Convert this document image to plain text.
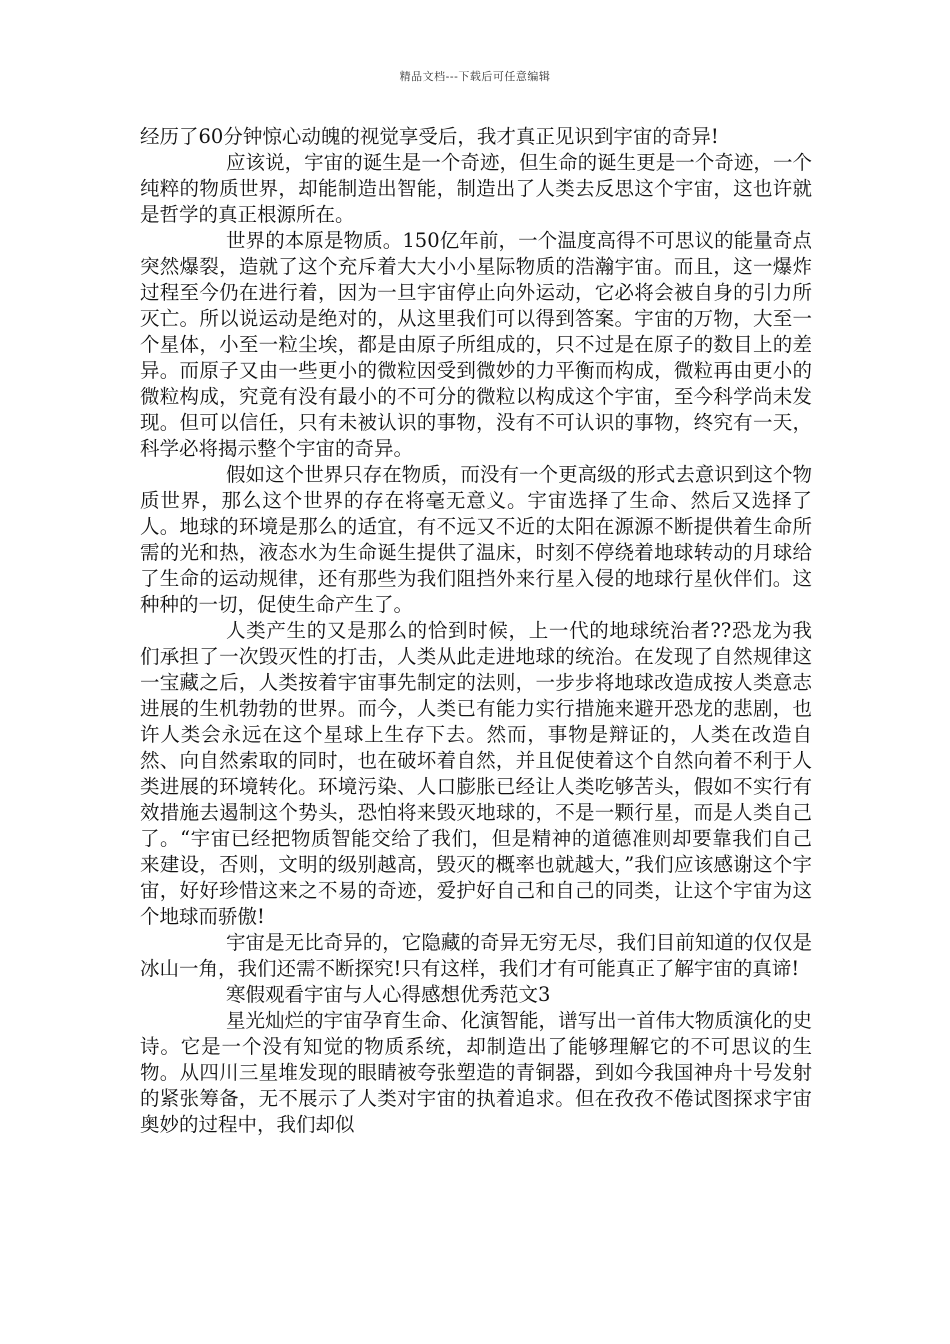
精品文档---下载后可任意编辑

经历了60分钟惊心动魄的视觉享受后，我才真正见识到宇宙的奇异!

应该说，宇宙的诞生是一个奇迹，但生命的诞生更是一个奇迹，一个纯粹的物质世界，却能制造出智能，制造出了人类去反思这个宇宙，这也许就是哲学的真正根源所在。

世界的本原是物质。150亿年前，一个温度高得不可思议的能量奇点突然爆裂，造就了这个充斥着大大小小星际物质的浩瀚宇宙。而且，这一爆炸过程至今仍在进行着，因为一旦宇宙停止向外运动，它必将会被自身的引力所灭亡。所以说运动是绝对的，从这里我们可以得到答案。宇宙的万物，大至一个星体，小至一粒尘埃，都是由原子所组成的，只不过是在原子的数目上的差异。而原子又由一些更小的微粒因受到微妙的力平衡而构成，微粒再由更小的微粒构成，究竟有没有最小的不可分的微粒以构成这个宇宙，至今科学尚未发现。但可以信任，只有未被认识的事物，没有不可认识的事物，终究有一天，科学必将揭示整个宇宙的奇异。

假如这个世界只存在物质，而没有一个更高级的形式去意识到这个物质世界，那么这个世界的存在将毫无意义。宇宙选择了生命、然后又选择了人。地球的环境是那么的适宜，有不远又不近的太阳在源源不断提供着生命所需的光和热，液态水为生命诞生提供了温床，时刻不停绕着地球转动的月球给了生命的运动规律，还有那些为我们阻挡外来行星入侵的地球行星伙伴们。这种种的一切，促使生命产生了。

人类产生的又是那么的恰到时候，上一代的地球统治者??恐龙为我们承担了一次毁灭性的打击，人类从此走进地球的统治。在发现了自然规律这一宝藏之后，人类按着宇宙事先制定的法则，一步步将地球改造成按人类意志进展的生机勃勃的世界。而今，人类已有能力实行措施来避开恐龙的悲剧，也许人类会永远在这个星球上生存下去。然而，事物是辩证的，人类在改造自然、向自然索取的同时，也在破坏着自然，并且促使着这个自然向着不利于人类进展的环境转化。环境污染、人口膨胀已经让人类吃够苦头，假如不实行有效措施去遏制这个势头，恐怕将来毁灭地球的，不是一颗行星，而是人类自己了。“宇宙已经把物质智能交给了我们，但是精神的道德准则却要靠我们自己来建设，否则，文明的级别越高，毁灭的概率也就越大，”我们应该感谢这个宇宙，好好珍惜这来之不易的奇迹，爱护好自己和自己的同类，让这个宇宙为这个地球而骄傲!

宇宙是无比奇异的，它隐藏的奇异无穷无尽，我们目前知道的仅仅是冰山一角，我们还需不断探究!只有这样，我们才有可能真正了解宇宙的真谛!

寒假观看宇宙与人心得感想优秀范文3

星光灿烂的宇宙孕育生命、化演智能，谱写出一首伟大物质演化的史诗。它是一个没有知觉的物质系统，却制造出了能够理解它的不可思议的生物。从四川三星堆发现的眼睛被夸张塑造的青铜器，到如今我国神舟十号发射的紧张筹备，无不展示了人类对宇宙的执着追求。但在孜孜不倦试图探求宇宙奥妙的过程中，我们却似
